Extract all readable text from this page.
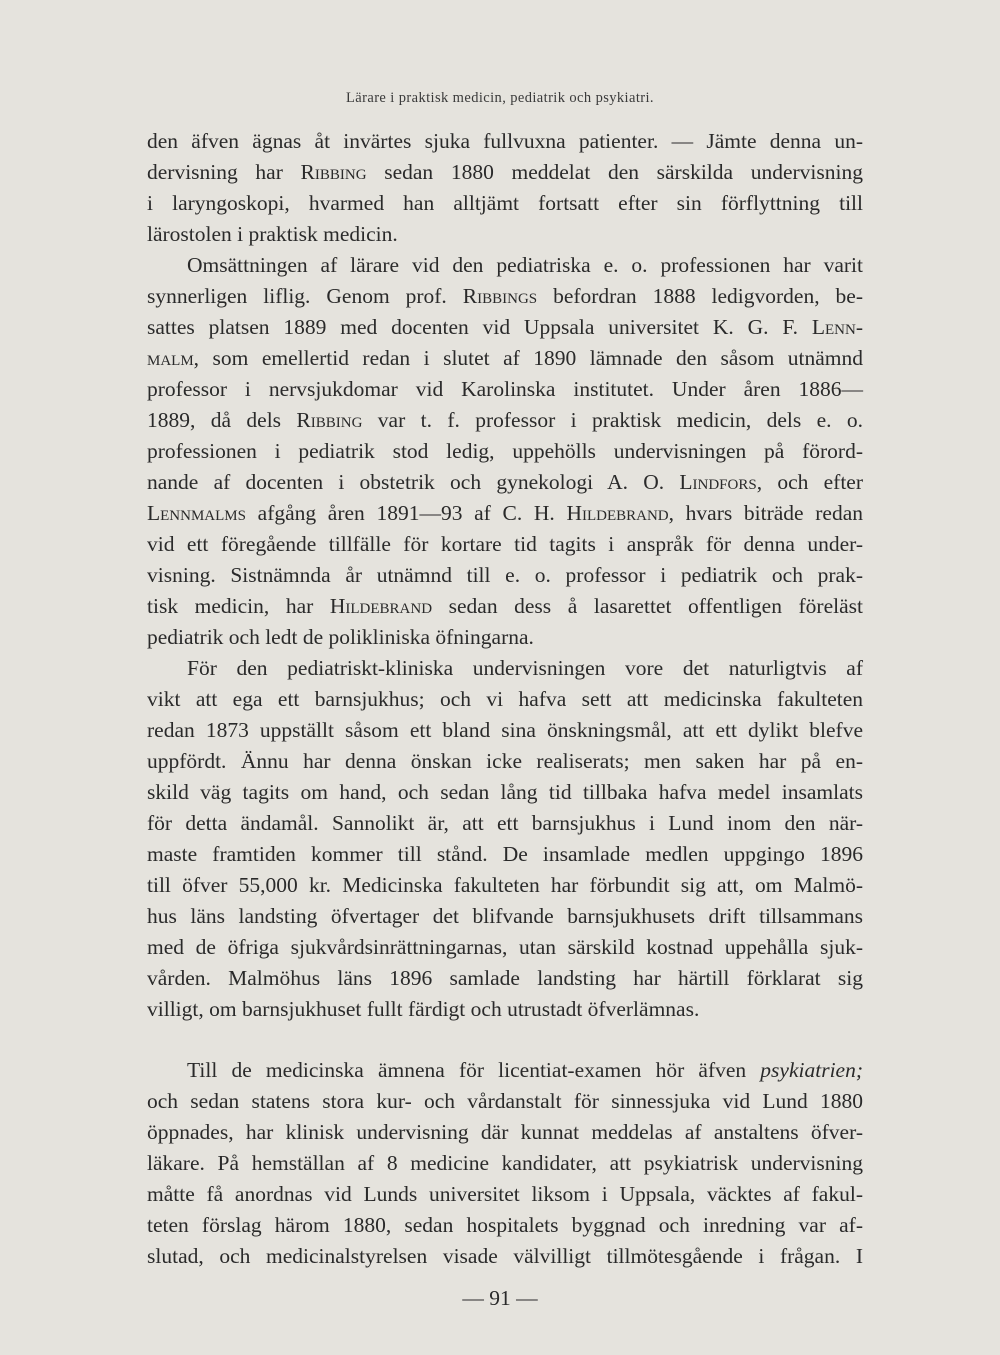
Lärare i praktisk medicin, pediatrik och psykiatri.
den äfven ägnas åt invärtes sjuka fullvuxna patienter. — Jämte denna un-
dervisning har Ribbing sedan 1880 meddelat den särskilda undervisning
i laryngoskopi, hvarmed han alltjämt fortsatt efter sin förflyttning till
lärostolen i praktisk medicin.
Omsättningen af lärare vid den pediatriska e. o. professionen har varit
synnerligen liflig. Genom prof. Ribbings befordran 1888 ledigvorden, be-
sattes platsen 1889 med docenten vid Uppsala universitet K. G. F. Lenn-
malm, som emellertid redan i slutet af 1890 lämnade den såsom utnämnd
professor i nervsjukdomar vid Karolinska institutet. Under åren 1886—
1889, då dels Ribbing var t. f. professor i praktisk medicin, dels e. o.
professionen i pediatrik stod ledig, uppehölls undervisningen på förord-
nande af docenten i obstetrik och gynekologi A. O. Lindfors, och efter
Lennmalms afgång åren 1891—93 af C. H. Hildebrand, hvars biträde redan
vid ett föregående tillfälle för kortare tid tagits i anspråk för denna under-
visning. Sistnämnda år utnämnd till e. o. professor i pediatrik och prak-
tisk medicin, har Hildebrand sedan dess å lasarettet offentligen föreläst
pediatrik och ledt de polikliniska öfningarna.
För den pediatriskt-kliniska undervisningen vore det naturligtvis af
vikt att ega ett barnsjukhus; och vi hafva sett att medicinska fakulteten
redan 1873 uppställt såsom ett bland sina önskningsmål, att ett dylikt blefve
uppfördt. Ännu har denna önskan icke realiserats; men saken har på en-
skild väg tagits om hand, och sedan lång tid tillbaka hafva medel insamlats
för detta ändamål. Sannolikt är, att ett barnsjukhus i Lund inom den när-
maste framtiden kommer till stånd. De insamlade medlen uppgingo 1896
till öfver 55,000 kr. Medicinska fakulteten har förbundit sig att, om Malmö-
hus läns landsting öfvertager det blifvande barnsjukhusets drift tillsammans
med de öfriga sjukvårdsinrättningarnas, utan särskild kostnad uppehålla sjuk-
vården. Malmöhus läns 1896 samlade landsting har härtill förklarat sig
villigt, om barnsjukhuset fullt färdigt och utrustadt öfverlämnas.
Till de medicinska ämnena för licentiat-examen hör äfven psykiatrien;
och sedan statens stora kur- och vårdanstalt för sinnessjuka vid Lund 1880
öppnades, har klinisk undervisning där kunnat meddelas af anstaltens öfver-
läkare. På hemställan af 8 medicine kandidater, att psykiatrisk undervisning
måtte få anordnas vid Lunds universitet liksom i Uppsala, väcktes af fakul-
teten förslag härom 1880, sedan hospitalets byggnad och inredning var af-
slutad, och medicinalstyrelsen visade välvilligt tillmötesgående i frågan. I
— 91 —
